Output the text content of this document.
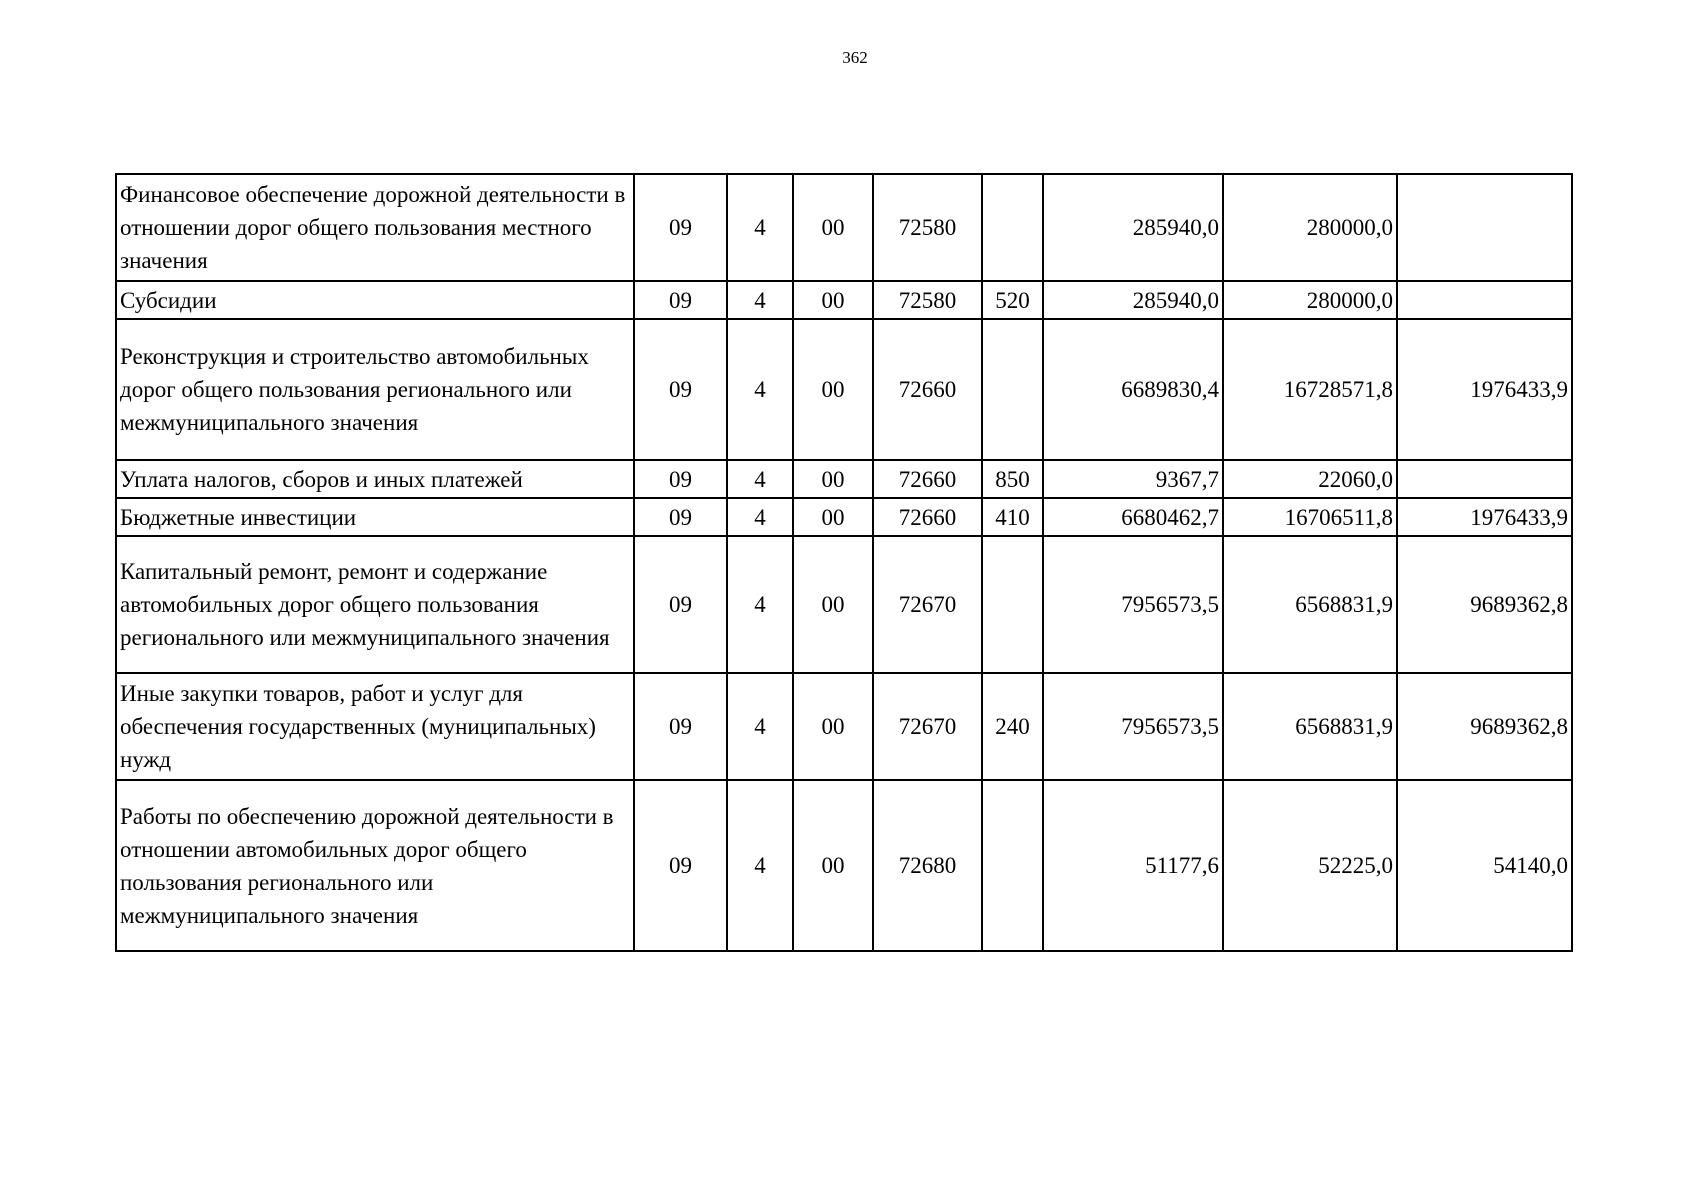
362
Финансовое обеспечение дорожной деятельности в отношении дорог общего пользования местного значения	09	4	00	72580		285940,0	280000,0	
Субсидии	09	4	00	72580	520	285940,0	280000,0	
Реконструкция и строительство автомобильных дорог общего пользования регионального или межмуниципального значения	09	4	00	72660		6689830,4	16728571,8	1976433,9
Уплата налогов, сборов и иных платежей	09	4	00	72660	850	9367,7	22060,0	
Бюджетные инвестиции	09	4	00	72660	410	6680462,7	16706511,8	1976433,9
Капитальный ремонт, ремонт и содержание автомобильных дорог общего пользования регионального или межмуниципального значения	09	4	00	72670		7956573,5	6568831,9	9689362,8
Иные закупки товаров, работ и услуг для обеспечения государственных (муниципальных) нужд	09	4	00	72670	240	7956573,5	6568831,9	9689362,8
Работы по обеспечению дорожной деятельности в отношении автомобильных дорог общего пользования регионального или межмуниципального значения	09	4	00	72680		51177,6	52225,0	54140,0
